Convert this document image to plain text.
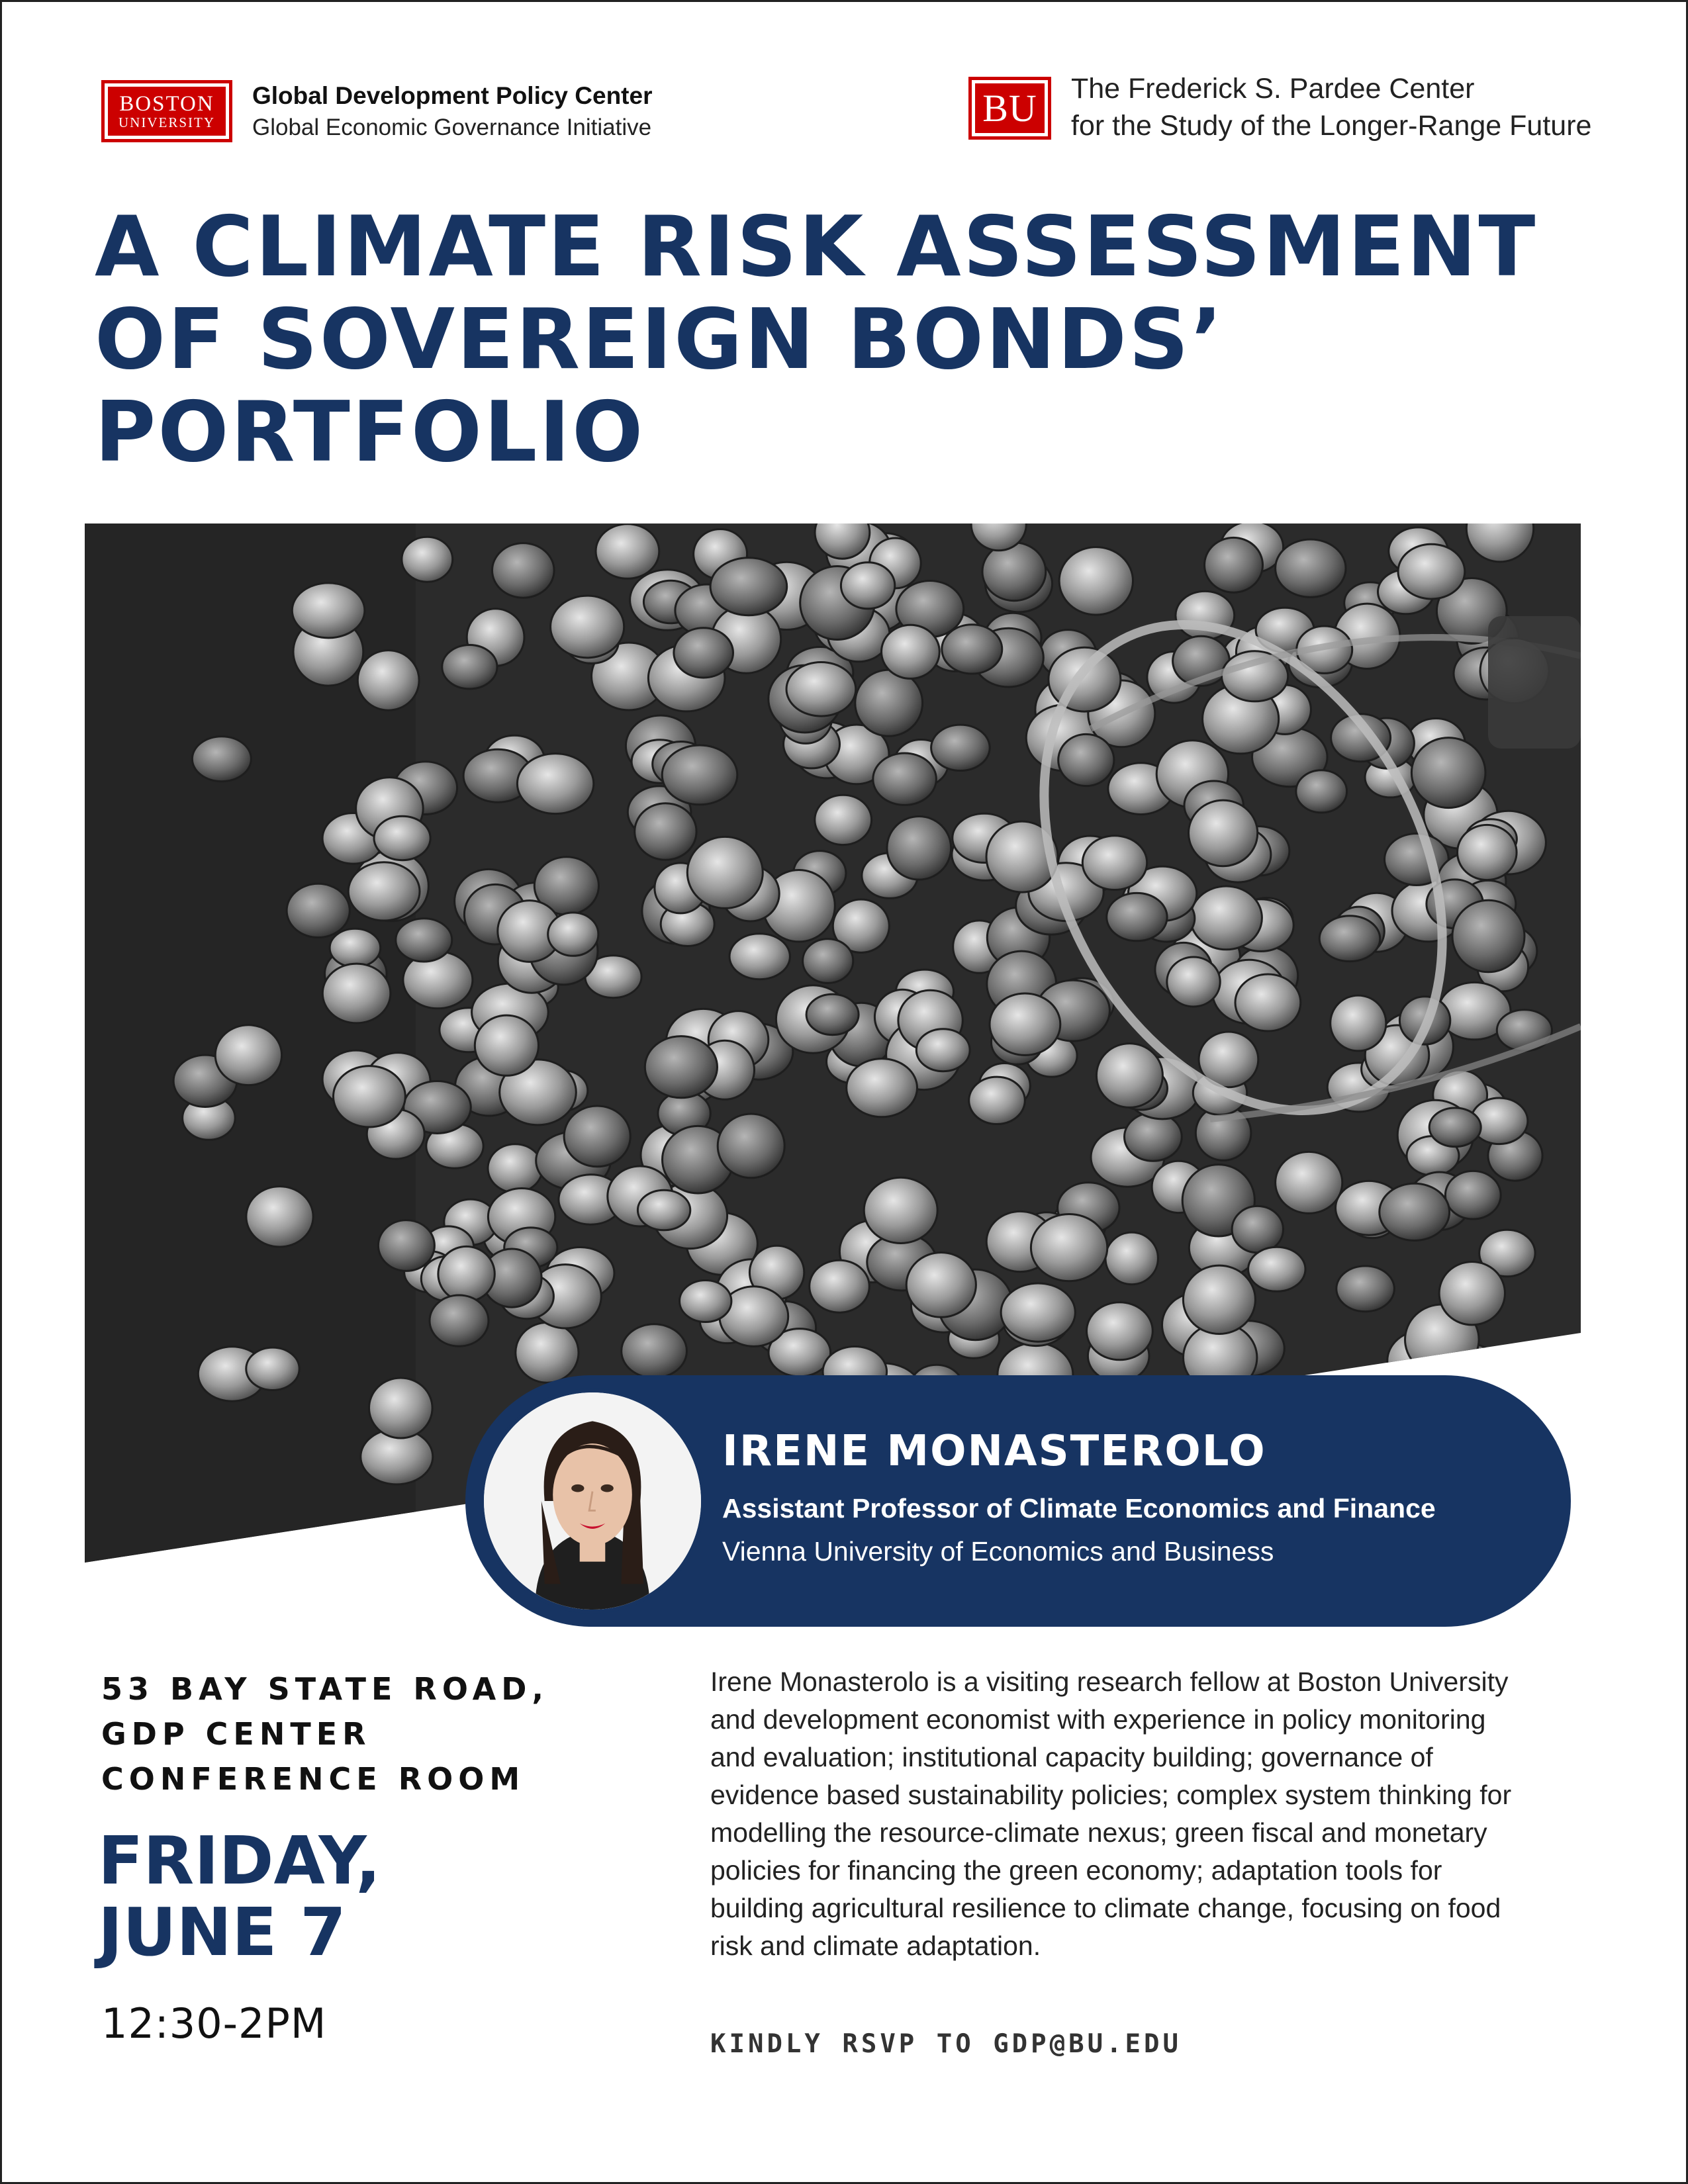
BOSTON
UNIVERSITY
Global Development Policy Center
Global Economic Governance Initiative	BU	The Frederick S. Pardee Center
for the Study of the Longer-Range Future
A CLIMATE RISK ASSESSMENT
OF SOVEREIGN BONDS’
PORTFOLIO
IRENE MONASTEROLO
Assistant Professor of Climate Economics and Finance
Vienna University of Economics and Business
53 BAY STATE ROAD,
GDP CENTER
CONFERENCE ROOM
FRIDAY,
JUNE 7
12:30-2PM

Irene Monasterolo is a visiting research fellow at Boston University and development economist with experience in policy monitoring and evaluation; institutional capacity building; governance of evidence based sustainability policies; complex system thinking for modelling the resource-climate nexus; green fiscal and monetary policies for financing the green economy; adaptation tools for building agricultural resilience to climate change, focusing on food risk and climate adaptation.

KINDLY RSVP TO GDP@BU.EDU
